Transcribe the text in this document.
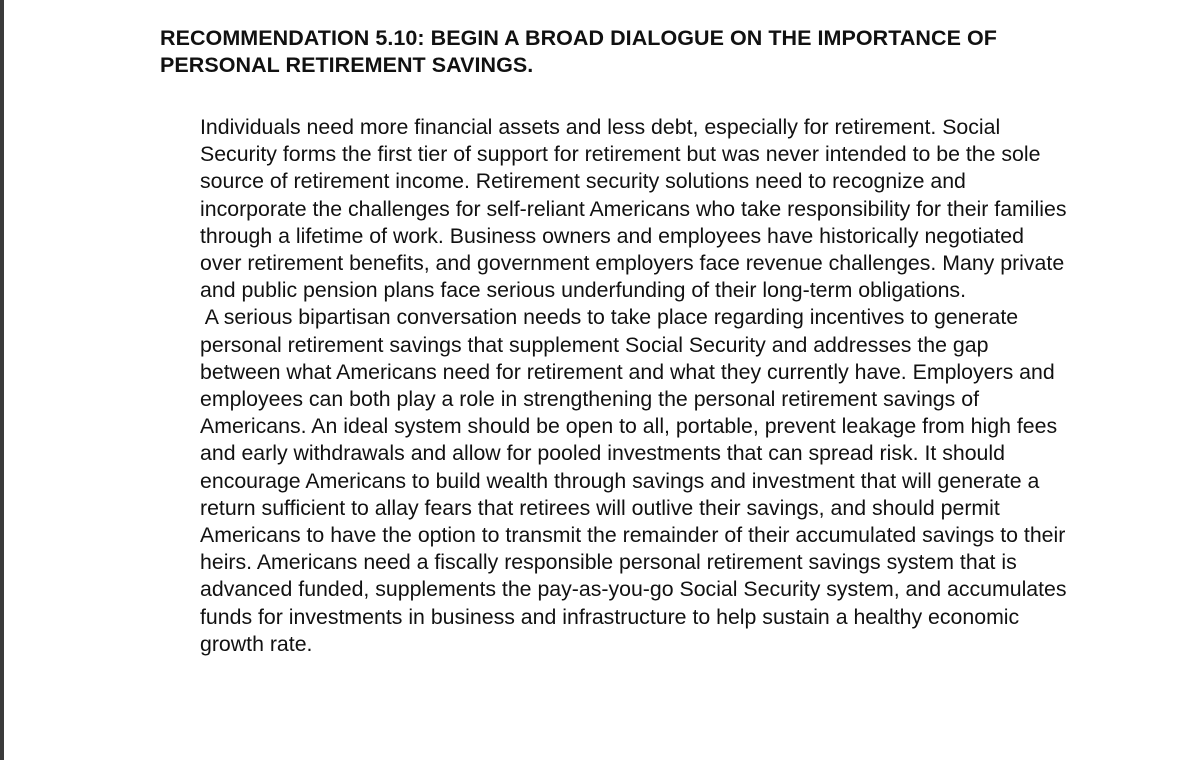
RECOMMENDATION 5.10: BEGIN A BROAD DIALOGUE ON THE IMPORTANCE OF
PERSONAL RETIREMENT SAVINGS.

Individuals need more financial assets and less debt, especially for retirement. Social
Security forms the first tier of support for retirement but was never intended to be the sole
source of retirement income. Retirement security solutions need to recognize and
incorporate the challenges for self-reliant Americans who take responsibility for their families
through a lifetime of work. Business owners and employees have historically negotiated
over retirement benefits, and government employers face revenue challenges. Many private
and public pension plans face serious underfunding of their long-term obligations.
A serious bipartisan conversation needs to take place regarding incentives to generate
personal retirement savings that supplement Social Security and addresses the gap
between what Americans need for retirement and what they currently have. Employers and
employees can both play a role in strengthening the personal retirement savings of
Americans. An ideal system should be open to all, portable, prevent leakage from high fees
and early withdrawals and allow for pooled investments that can spread risk. It should
encourage Americans to build wealth through savings and investment that will generate a
return sufficient to allay fears that retirees will outlive their savings, and should permit
Americans to have the option to transmit the remainder of their accumulated savings to their
heirs. Americans need a fiscally responsible personal retirement savings system that is
advanced funded, supplements the pay-as-you-go Social Security system, and accumulates
funds for investments in business and infrastructure to help sustain a healthy economic
growth rate.
